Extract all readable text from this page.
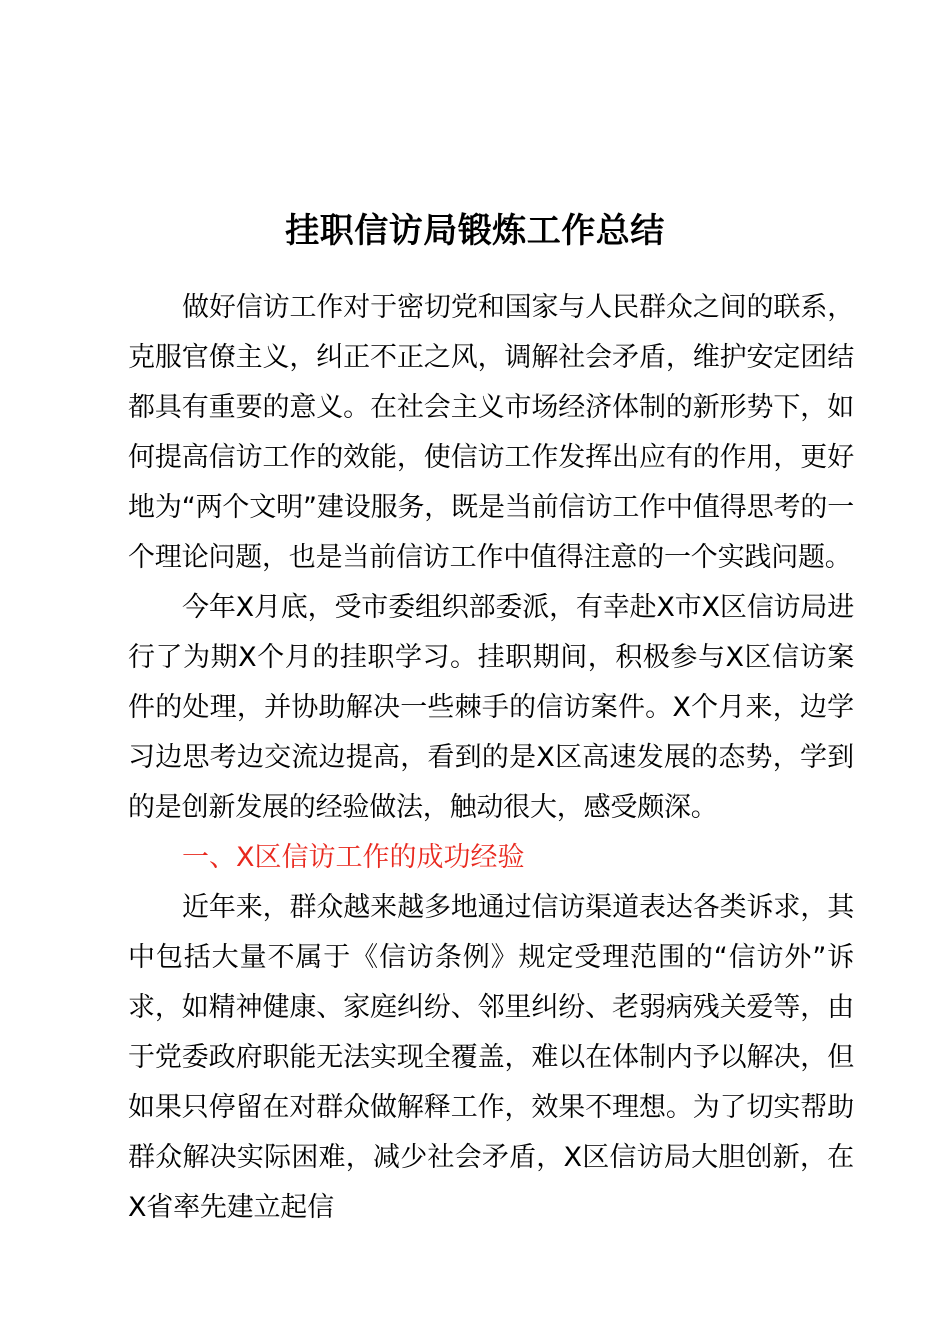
挂职信访局锻炼工作总结

做好信访工作对于密切党和国家与人民群众之间的联系，克服官僚主义，纠正不正之风，调解社会矛盾，维护安定团结都具有重要的意义。在社会主义市场经济体制的新形势下，如何提高信访工作的效能，使信访工作发挥出应有的作用，更好地为“两个文明”建设服务，既是当前信访工作中值得思考的一个理论问题，也是当前信访工作中值得注意的一个实践问题。

今年X月底，受市委组织部委派，有幸赴X市X区信访局进行了为期X个月的挂职学习。挂职期间，积极参与X区信访案件的处理，并协助解决一些棘手的信访案件。X个月来，边学习边思考边交流边提高，看到的是X区高速发展的态势，学到的是创新发展的经验做法，触动很大，感受颇深。

一、X区信访工作的成功经验

近年来，群众越来越多地通过信访渠道表达各类诉求，其中包括大量不属于《信访条例》规定受理范围的“信访外”诉求，如精神健康、家庭纠纷、邻里纠纷、老弱病残关爱等，由于党委政府职能无法实现全覆盖，难以在体制内予以解决，但如果只停留在对群众做解释工作，效果不理想。为了切实帮助群众解决实际困难，减少社会矛盾，X区信访局大胆创新，在X省率先建立起信
